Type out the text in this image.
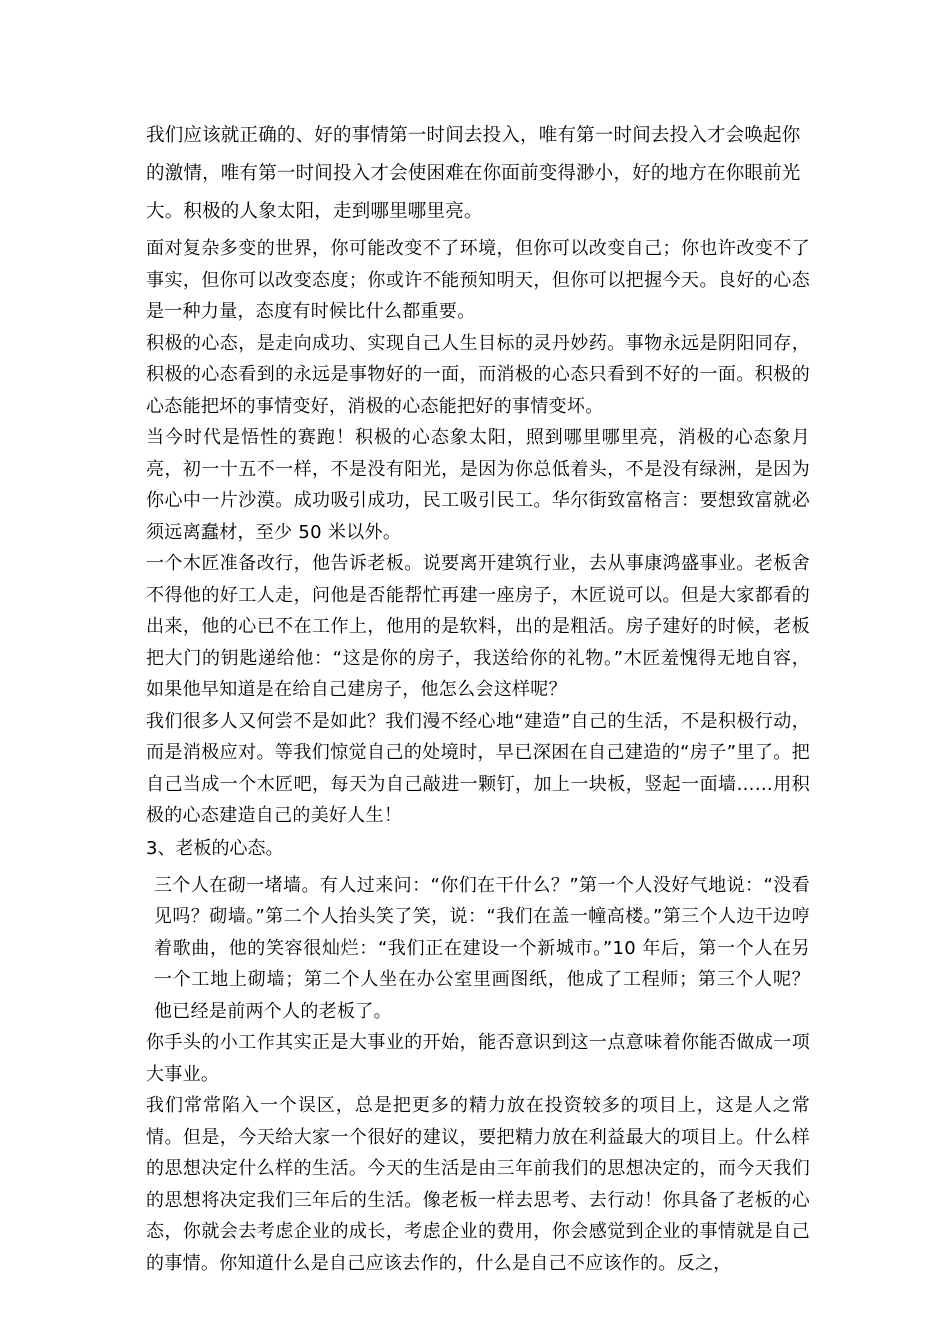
我们应该就正确的、好的事情第一时间去投入，唯有第一时间去投入才会唤起你的激情，唯有第一时间投入才会使困难在你面前变得渺小，好的地方在你眼前光大。积极的人象太阳，走到哪里哪里亮。

面对复杂多变的世界，你可能改变不了环境，但你可以改变自己；你也许改变不了事实，但你可以改变态度；你或许不能预知明天，但你可以把握今天。良好的心态是一种力量，态度有时候比什么都重要。

积极的心态，是走向成功、实现自己人生目标的灵丹妙药。事物永远是阴阳同存，积极的心态看到的永远是事物好的一面，而消极的心态只看到不好的一面。积极的心态能把坏的事情变好，消极的心态能把好的事情变坏。

当今时代是悟性的赛跑！积极的心态象太阳，照到哪里哪里亮，消极的心态象月亮，初一十五不一样，不是没有阳光，是因为你总低着头，不是没有绿洲，是因为你心中一片沙漠。成功吸引成功，民工吸引民工。华尔街致富格言：要想致富就必须远离蠢材，至少 50 米以外。

一个木匠准备改行，他告诉老板。说要离开建筑行业，去从事康鸿盛事业。老板舍不得他的好工人走，问他是否能帮忙再建一座房子，木匠说可以。但是大家都看的出来，他的心已不在工作上，他用的是软料，出的是粗活。房子建好的时候，老板把大门的钥匙递给他：“这是你的房子，我送给你的礼物。”木匠羞愧得无地自容，如果他早知道是在给自己建房子，他怎么会这样呢？

我们很多人又何尝不是如此？我们漫不经心地“建造”自己的生活，不是积极行动，而是消极应对。等我们惊觉自己的处境时，早已深困在自己建造的“房子”里了。把自己当成一个木匠吧，每天为自己敲进一颗钉，加上一块板，竖起一面墙……用积极的心态建造自己的美好人生！

3、老板的心态。

三个人在砌一堵墙。有人过来问：“你们在干什么？”第一个人没好气地说：“没看见吗？砌墙。”第二个人抬头笑了笑，说：“我们在盖一幢高楼。”第三个人边干边哼着歌曲，他的笑容很灿烂：“我们正在建设一个新城市。”10 年后，第一个人在另一个工地上砌墙；第二个人坐在办公室里画图纸，他成了工程师；第三个人呢？他已经是前两个人的老板了。

你手头的小工作其实正是大事业的开始，能否意识到这一点意味着你能否做成一项大事业。

我们常常陷入一个误区，总是把更多的精力放在投资较多的项目上，这是人之常情。但是，今天给大家一个很好的建议，要把精力放在利益最大的项目上。什么样的思想决定什么样的生活。今天的生活是由三年前我们的思想决定的，而今天我们的思想将决定我们三年后的生活。像老板一样去思考、去行动！你具备了老板的心态，你就会去考虑企业的成长，考虑企业的费用，你会感觉到企业的事情就是自己的事情。你知道什么是自己应该去作的，什么是自己不应该作的。反之，
